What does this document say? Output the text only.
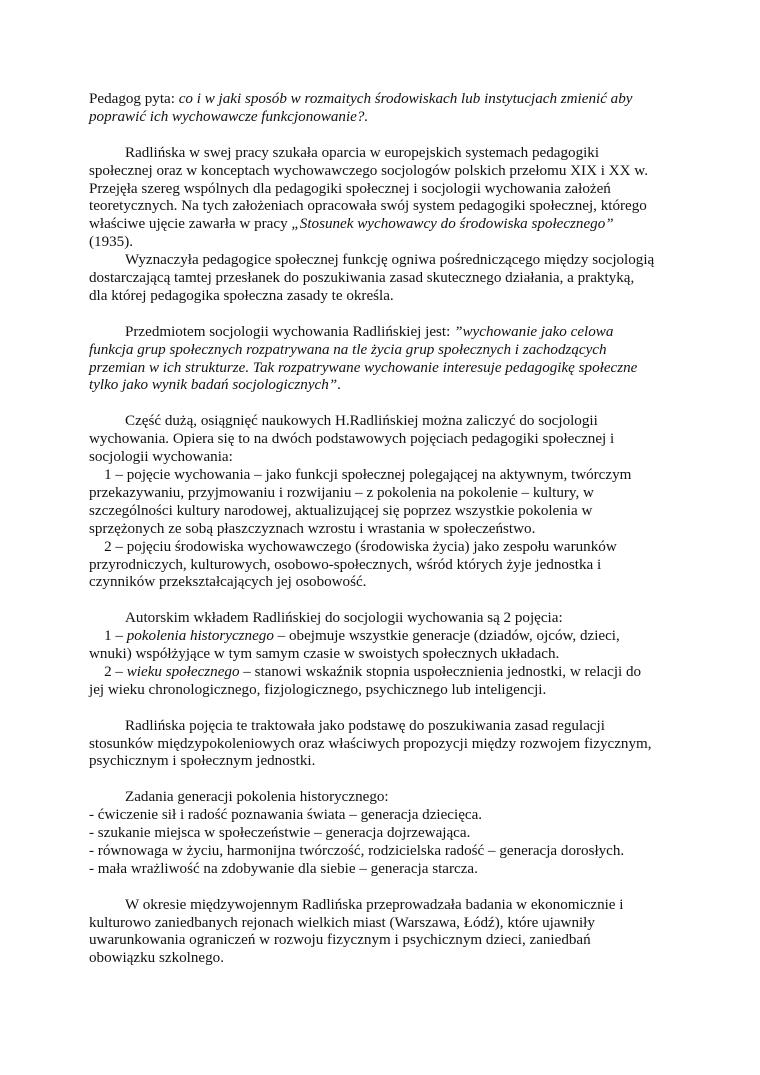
Pedagog pyta: co i w jaki sposób w rozmaitych środowiskach lub instytucjach zmienić aby poprawić ich wychowawcze funkcjonowanie?.

Radlińska w swej pracy szukała oparcia w europejskich systemach pedagogiki społecznej oraz w konceptach wychowawczego socjologów polskich przełomu XIX i XX w. Przejęła szereg wspólnych dla pedagogiki społecznej i socjologii wychowania założeń teoretycznych. Na tych założeniach opracowała swój system pedagogiki społecznej, którego właściwe ujęcie zawarła w pracy „Stosunek wychowawcy do środowiska społecznego” (1935).

Wyznaczyła pedagogice społecznej funkcję ogniwa pośredniczącego między socjologią dostarczającą tamtej przesłanek do poszukiwania zasad skutecznego działania, a praktyką, dla której pedagogika społeczna zasady te określa.

Przedmiotem socjologii wychowania Radlińskiej jest: ”wychowanie jako celowa funkcja grup społecznych rozpatrywana na tle życia grup społecznych i zachodzących przemian w ich strukturze. Tak rozpatrywane wychowanie interesuje pedagogikę społeczne tylko jako wynik badań socjologicznych”.

Część dużą, osiągnięć naukowych H.Radlińskiej można zaliczyć do socjologii wychowania. Opiera się to na dwóch podstawowych pojęciach pedagogiki społecznej i socjologii wychowania:

 1 – pojęcie wychowania – jako funkcji społecznej polegającej na aktywnym, twórczym przekazywaniu, przyjmowaniu i rozwijaniu – z pokolenia na pokolenie – kultury, w szczególności kultury narodowej, aktualizującej się poprzez wszystkie pokolenia w sprzężonych ze sobą płaszczyznach wzrostu i wrastania w społeczeństwo.

 2 – pojęciu środowiska wychowawczego (środowiska życia) jako zespołu warunków przyrodniczych, kulturowych, osobowo-społecznych, wśród których żyje jednostka i czynników przekształcających jej osobowość.

Autorskim wkładem Radlińskiej do socjologii wychowania są 2 pojęcia:

 1 – pokolenia historycznego – obejmuje wszystkie generacje (dziadów, ojców, dzieci, wnuki) współżyjące w tym samym czasie w swoistych społecznych układach.

 2 – wieku społecznego – stanowi wskaźnik stopnia uspołecznienia jednostki, w relacji do jej wieku chronologicznego, fizjologicznego, psychicznego lub inteligencji.

Radlińska pojęcia te traktowała jako podstawę do poszukiwania zasad regulacji stosunków międzypokoleniowych oraz właściwych propozycji między rozwojem fizycznym, psychicznym i społecznym jednostki.

Zadania generacji pokolenia historycznego:

- ćwiczenie sił i radość poznawania świata – generacja dziecięca.

- szukanie miejsca w społeczeństwie – generacja dojrzewająca.

- równowaga w życiu, harmonijna twórczość, rodzicielska radość – generacja dorosłych.

- mała wrażliwość na zdobywanie dla siebie – generacja starcza.

W okresie międzywojennym Radlińska przeprowadzała badania w ekonomicznie i kulturowo zaniedbanych rejonach wielkich miast (Warszawa, Łódź), które ujawniły uwarunkowania ograniczeń w rozwoju fizycznym i psychicznym dzieci, zaniedbań obowiązku szkolnego.
